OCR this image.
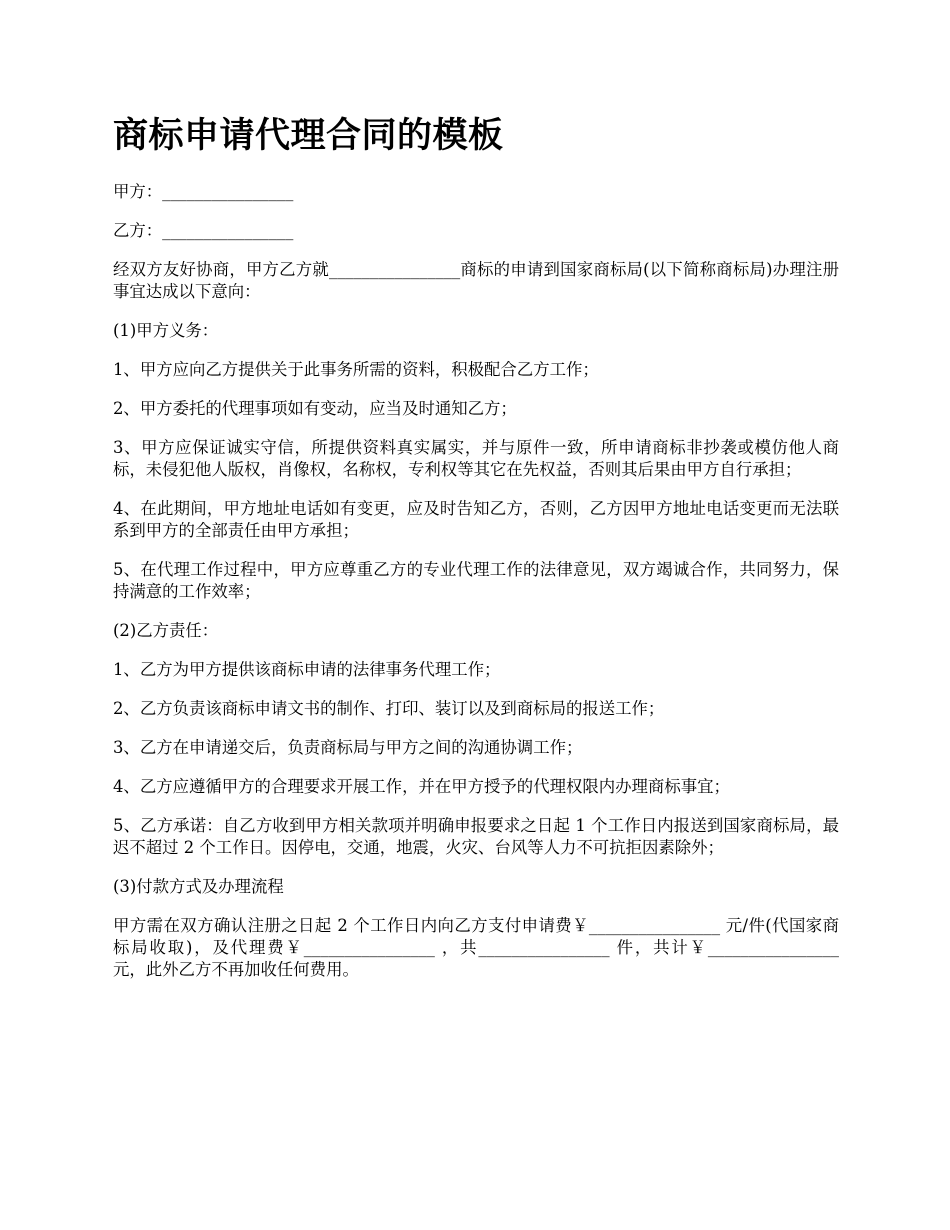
商标申请代理合同的模板

甲方：________________

乙方：________________

经双方友好协商，甲方乙方就________________商标的申请到国家商标局(以下简称商标局)办理注册事宜达成以下意向：

(1)甲方义务：

1、甲方应向乙方提供关于此事务所需的资料，积极配合乙方工作；

2、甲方委托的代理事项如有变动，应当及时通知乙方；

3、甲方应保证诚实守信，所提供资料真实属实，并与原件一致，所申请商标非抄袭或模仿他人商标，未侵犯他人版权，肖像权，名称权，专利权等其它在先权益，否则其后果由甲方自行承担；

4、在此期间，甲方地址电话如有变更，应及时告知乙方，否则，乙方因甲方地址电话变更而无法联系到甲方的全部责任由甲方承担；

5、在代理工作过程中，甲方应尊重乙方的专业代理工作的法律意见，双方竭诚合作，共同努力，保持满意的工作效率；

(2)乙方责任：

1、乙方为甲方提供该商标申请的法律事务代理工作；

2、乙方负责该商标申请文书的制作、打印、装订以及到商标局的报送工作；

3、乙方在申请递交后，负责商标局与甲方之间的沟通协调工作；

4、乙方应遵循甲方的合理要求开展工作，并在甲方授予的代理权限内办理商标事宜；

5、乙方承诺：自乙方收到甲方相关款项并明确申报要求之日起 1 个工作日内报送到国家商标局，最迟不超过 2 个工作日。因停电，交通，地震，火灾、台风等人力不可抗拒因素除外；

(3)付款方式及办理流程

甲方需在双方确认注册之日起 2 个工作日内向乙方支付申请费￥________________ 元/件(代国家商标局收取)，及代理费￥________________ ，共________________ 件，共计￥________________ 元，此外乙方不再加收任何费用。
